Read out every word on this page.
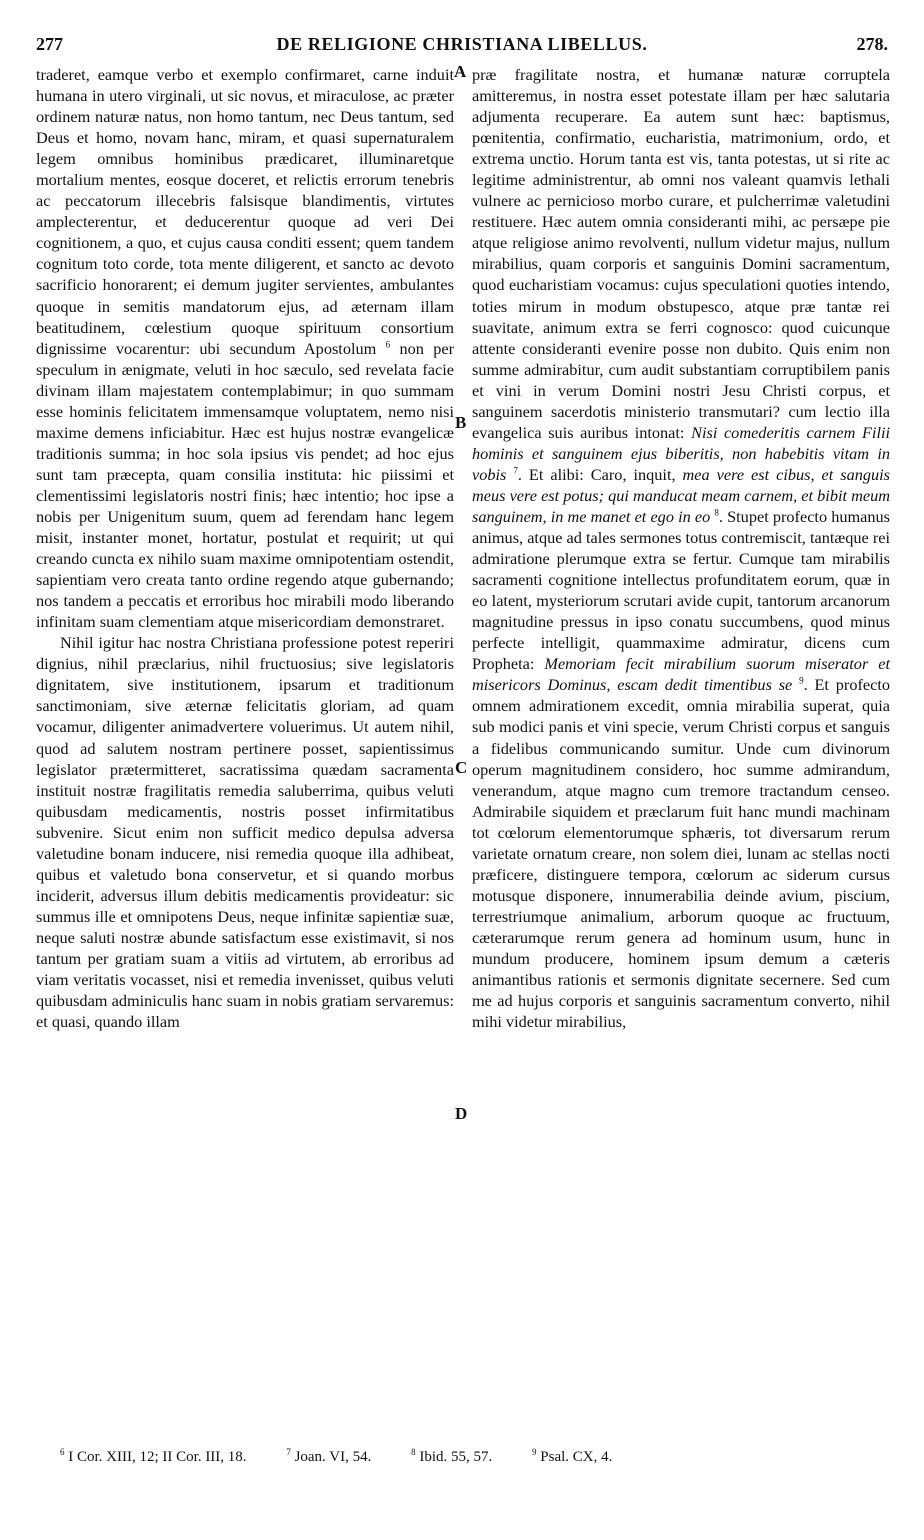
277	DE RELIGIONE CHRISTIANA LIBELLUS.	278.

traderet, eamque verbo et exemplo confirmaret, carne induit humana in utero virginali, ut sic novus, et miraculose, ac præter ordinem naturæ natus, non homo tantum, nec Deus tantum, sed Deus et homo, novam hanc, miram, et quasi supernaturalem legem omnibus hominibus prædicaret, illuminaretque mortalium mentes, eosque doceret, et relictis errorum tenebris ac peccatorum illecebris falsisque blandimentis, virtutes amplecterentur, et deducerentur quoque ad veri Dei cognitionem, a quo, et cujus causa conditi essent; quem tandem cognitum toto corde, tota mente diligerent, et sancto ac devoto sacrificio honorarent; ei demum jugiter servientes, ambulantes quoque in semitis mandatorum ejus, ad æternam illam beatitudinem, cœlestium quoque spirituum consortium dignissime vocarentur: ubi secundum Apostolum $^6$ non per speculum in ænigmate, veluti in hoc sæculo, sed revelata facie divinam illam majestatem contemplabimur; in quo summam esse hominis felicitatem immensamque voluptatem, nemo nisi maxime demens inficiabitur. Hæc est hujus nostræ evangelicæ traditionis summa; in hoc sola ipsius vis pendet; ad hoc ejus sunt tam præcepta, quam consilia instituta: hic piissimi et clementissimi legislatoris nostri finis; hæc intentio; hoc ipse a nobis per Unigenitum suum, quem ad ferendam hanc legem misit, instanter monet, hortatur, postulat et requirit; ut qui creando cuncta ex nihilo suam maxime omnipotentiam ostendit, sapientiam vero creata tanto ordine regendo atque gubernando; nos tandem a peccatis et erroribus hoc mirabili modo liberando infinitam suam clementiam atque misericordiam demonstraret.

Nihil igitur hac nostra Christiana professione potest reperiri dignius, nihil præclarius, nihil fructuosius; sive legislatoris dignitatem, sive institutionem, ipsarum et traditionum sanctimoniam, sive æternæ felicitatis gloriam, ad quam vocamur, diligenter animadvertere voluerimus. Ut autem nihil, quod ad salutem nostram pertinere posset, sapientissimus legislator prætermitteret, sacratissima quædam sacramenta instituit nostræ fragilitatis remedia saluberrima, quibus veluti quibusdam medicamentis, nostris posset infirmitatibus subvenire. Sicut enim non sufficit medico depulsa adversa valetudine bonam inducere, nisi remedia quoque illa adhibeat, quibus et valetudo bona conservetur, et si quando morbus inciderit, adversus illum debitis medicamentis provideatur: sic summus ille et omnipotens Deus, neque infinitæ sapientiæ suæ, neque saluti nostræ abunde satisfactum esse existimavit, si nos tantum per gratiam suam a vitiis ad virtutem, ab erroribus ad viam veritatis vocasset, nisi et remedia invenisset, quibus veluti quibusdam adminiculis hanc suam in nobis gratiam servaremus: et quasi, quando illam

A
B
C
D

præ fragilitate nostra, et humanæ naturæ corruptela amitteremus, in nostra esset potestate illam per hæc salutaria adjumenta recuperare. Ea autem sunt hæc: baptismus, pœnitentia, confirmatio, eucharistia, matrimonium, ordo, et extrema unctio. Horum tanta est vis, tanta potestas, ut si rite ac legitime administrentur, ab omni nos valeant quamvis lethali vulnere ac pernicioso morbo curare, et pulcherrimæ valetudini restituere. Hæc autem omnia consideranti mihi, ac persæpe pie atque religiose animo revolventi, nullum videtur majus, nullum mirabilius, quam corporis et sanguinis Domini sacramentum, quod eucharistiam vocamus: cujus speculationi quoties intendo, toties mirum in modum obstupesco, atque præ tantæ rei suavitate, animum extra se ferri cognosco: quod cuicunque attente consideranti evenire posse non dubito. Quis enim non summe admirabitur, cum audit substantiam corruptibilem panis et vini in verum Domini nostri Jesu Christi corpus, et sanguinem sacerdotis ministerio transmutari? cum lectio illa evangelica suis auribus intonat: Nisi comederitis carnem Filii hominis et sanguinem ejus biberitis, non habebitis vitam in vobis $^7$. Et alibi: Caro, inquit, mea vere est cibus, et sanguis meus vere est potus; qui manducat meam carnem, et bibit meum sanguinem, in me manet et ego in eo $^8$. Stupet profecto humanus animus, atque ad tales sermones totus contremiscit, tantæque rei admiratione plerumque extra se fertur. Cumque tam mirabilis sacramenti cognitione intellectus profunditatem eorum, quæ in eo latent, mysteriorum scrutari avide cupit, tantorum arcanorum magnitudine pressus in ipso conatu succumbens, quod minus perfecte intelligit, quammaxime admiratur, dicens cum Propheta: Memoriam fecit mirabilium suorum miserator et misericors Dominus, escam dedit timentibus se $^9$. Et profecto omnem admirationem excedit, omnia mirabilia superat, quia sub modici panis et vini specie, verum Christi corpus et sanguis a fidelibus communicando sumitur. Unde cum divinorum operum magnitudinem considero, hoc summe admirandum, venerandum, atque magno cum tremore tractandum censeo. Admirabile siquidem et præclarum fuit hanc mundi machinam tot cœlorum elementorumque sphæris, tot diversarum rerum varietate ornatum creare, non solem diei, lunam ac stellas nocti præficere, distinguere tempora, cœlorum ac siderum cursus motusque disponere, innumerabilia deinde avium, piscium, terrestriumque animalium, arborum quoque ac fructuum, cæterarumque rerum genera ad hominum usum, hunc in mundum producere, hominem ipsum demum a cæteris animantibus rationis et sermonis dignitate secernere. Sed cum me ad hujus corporis et sanguinis sacramentum converto, nihil mihi videtur mirabilius,

$^6$ I Cor. XIII, 12; II Cor. III, 18.	$^7$ Joan. VI, 54.	$^8$ Ibid. 55, 57.	$^9$ Psal. CX, 4.
